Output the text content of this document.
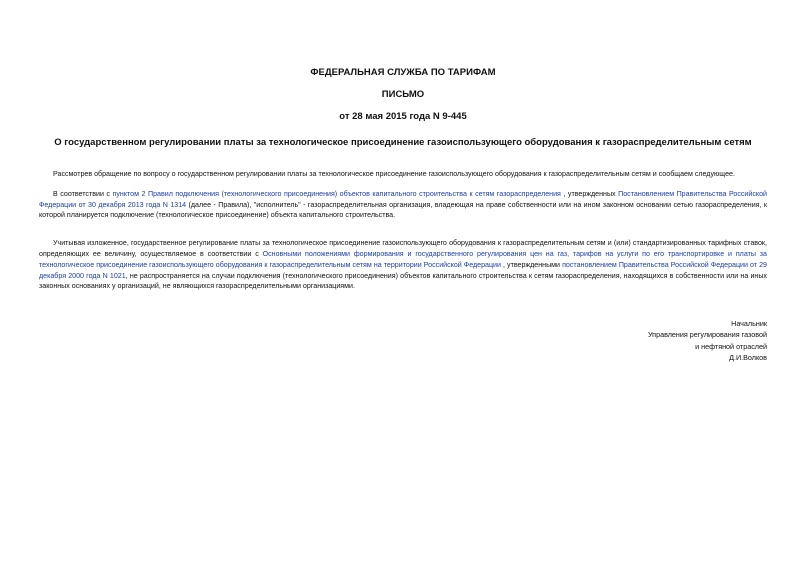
ФЕДЕРАЛЬНАЯ СЛУЖБА ПО ТАРИФАМ

ПИСЬМО

от 28 мая 2015 года N 9-445

О государственном регулировании платы за технологическое присоединение газоиспользующего оборудования к газораспределительным сетям

Рассмотрев обращение по вопросу о государственном регулировании платы за технологическое присоединение газоиспользующего оборудования к газораспределительным сетям и сообщаем следующее.

В соответствии с пунктом 2 Правил подключения (технологического присоединения) объектов капитального строительства к сетям газораспределения , утвержденных Постановлением Правительства Российской Федерации от 30 декабря 2013 года N 1314 (далее - Правила), "исполнитель" - газораспределительная организация, владеющая на праве собственности или на ином законном основании сетью газораспределения, к которой планируется подключение (технологическое присоединение) объекта капитального строительства.

Учитывая изложенное, государственное регулирование платы за технологическое присоединение газоиспользующего оборудования к газораспределительным сетям и (или) стандартизированных тарифных ставок, определяющих ее величину, осуществляемое в соответствии с Основными положениями формирования и государственного регулирования цен на газ, тарифов на услуги по его транспортировке и платы за технологическое присоединение газоиспользующего оборудования к газораспределительным сетям на территории Российской Федерации , утвержденными постановлением Правительства Российской Федерации от 29 декабря 2000 года N 1021, не распространяется на случаи подключения (технологического присоединения) объектов капитального строительства к сетям газораспределения, находящихся в собственности или на иных законных основаниях у организаций, не являющихся газораспределительными организациями.

Начальник
Управления регулирования газовой
и нефтяной отраслей
Д.И.Волков
